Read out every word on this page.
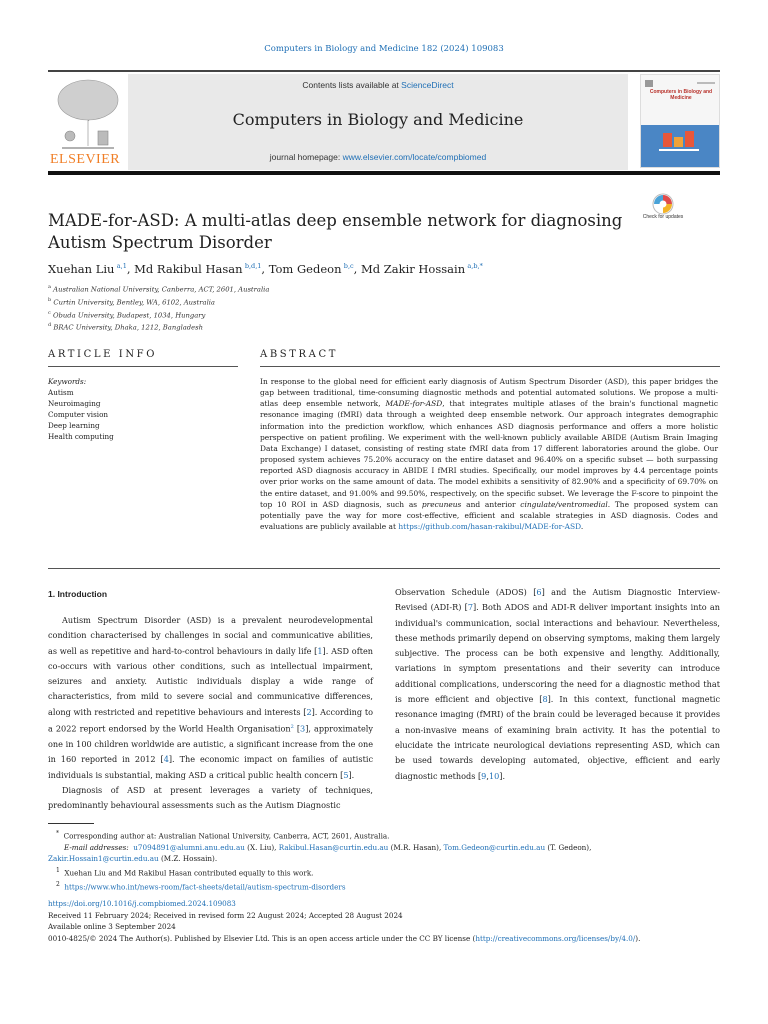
Computers in Biology and Medicine 182 (2024) 109083
ELSEVIER
Contents lists available at ScienceDirect
Computers in Biology and Medicine
journal homepage: www.elsevier.com/locate/compbiomed
Computers in Biology and Medicine
MADE-for-ASD: A multi-atlas deep ensemble network for diagnosing Autism Spectrum Disorder
Check for updates
Xuehan Liu  $^{a,1}$, Md Rakibul Hasan  $^{b,d,1}$, Tom Gedeon  $^{b,c}$, Md Zakir Hossain  $^{a,b,*}$
$^a$ Australian National University, Canberra, ACT, 2601, Australia
$^b$ Curtin University, Bentley, WA, 6102, Australia
$^c$ Obuda University, Budapest, 1034, Hungary
$^d$ BRAC University, Dhaka, 1212, Bangladesh
ARTICLE INFO	ABSTRACT
Keywords:
Autism
Neuroimaging
Computer vision
Deep learning
Health computing
In response to the global need for efficient early diagnosis of Autism Spectrum Disorder (ASD), this paper bridges the gap between traditional, time-consuming diagnostic methods and potential automated solutions. We propose a multi-atlas deep ensemble network, MADE-for-ASD, that integrates multiple atlases of the brain's functional magnetic resonance imaging (fMRI) data through a weighted deep ensemble network. Our approach integrates demographic information into the prediction workflow, which enhances ASD diagnosis performance and offers a more holistic perspective on patient profiling. We experiment with the well-known publicly available ABIDE (Autism Brain Imaging Data Exchange) I dataset, consisting of resting state fMRI data from 17 different laboratories around the globe. Our proposed system achieves 75.20% accuracy on the entire dataset and 96.40% on a specific subset — both surpassing reported ASD diagnosis accuracy in ABIDE I fMRI studies. Specifically, our model improves by 4.4 percentage points over prior works on the same amount of data. The model exhibits a sensitivity of 82.90% and a specificity of 69.70% on the entire dataset, and 91.00% and 99.50%, respectively, on the specific subset. We leverage the F-score to pinpoint the top 10 ROI in ASD diagnosis, such as precuneus and anterior cingulate/ventromedial. The proposed system can potentially pave the way for more cost-effective, efficient and scalable strategies in ASD diagnosis. Codes and evaluations are publicly available at https://github.com/hasan-rakibul/MADE-for-ASD.
1. Introduction

Autism Spectrum Disorder (ASD) is a prevalent neurodevelopmental condition characterised by challenges in social and communicative abilities, as well as repetitive and hard-to-control behaviours in daily life [1]. ASD often co-occurs with various other conditions, such as intellectual impairment, seizures and anxiety. Autistic individuals display a wide range of characteristics, from mild to severe social and communicative differences, along with restricted and repetitive behaviours and interests [2]. According to a 2022 report endorsed by the World Health Organisation$^2$ [3], approximately one in 100 children worldwide are autistic, a significant increase from the one in 160 reported in 2012 [4]. The economic impact on families of autistic individuals is substantial, making ASD a critical public health concern [5].

Diagnosis of ASD at present leverages a variety of techniques, predominantly behavioural assessments such as the Autism Diagnostic

Observation Schedule (ADOS) [6] and the Autism Diagnostic Interview-Revised (ADI-R) [7]. Both ADOS and ADI-R deliver important insights into an individual's communication, social interactions and behaviour. Nevertheless, these methods primarily depend on observing symptoms, making them largely subjective. The process can be both expensive and lengthy. Additionally, variations in symptom presentations and their severity can introduce additional complications, underscoring the need for a diagnostic method that is more efficient and objective [8]. In this context, functional magnetic resonance imaging (fMRI) of the brain could be leveraged because it provides a non-invasive means of examining brain activity. It has the potential to elucidate the intricate neurological deviations representing ASD, which can be used towards developing automated, objective, efficient and early diagnostic methods [9,10].

* Corresponding author at: Australian National University, Canberra, ACT, 2601, Australia.
E-mail addresses: u7094891@alumni.anu.edu.au (X. Liu), Rakibul.Hasan@curtin.edu.au (M.R. Hasan), Tom.Gedeon@curtin.edu.au (T. Gedeon),
Zakir.Hossain1@curtin.edu.au (M.Z. Hossain).
$^1$ Xuehan Liu and Md Rakibul Hasan contributed equally to this work.
$^2$ https://www.who.int/news-room/fact-sheets/detail/autism-spectrum-disorders
https://doi.org/10.1016/j.compbiomed.2024.109083
Received 11 February 2024; Received in revised form 22 August 2024; Accepted 28 August 2024
Available online 3 September 2024
0010-4825/© 2024 The Author(s). Published by Elsevier Ltd. This is an open access article under the CC BY license (http://creativecommons.org/licenses/by/4.0/).
